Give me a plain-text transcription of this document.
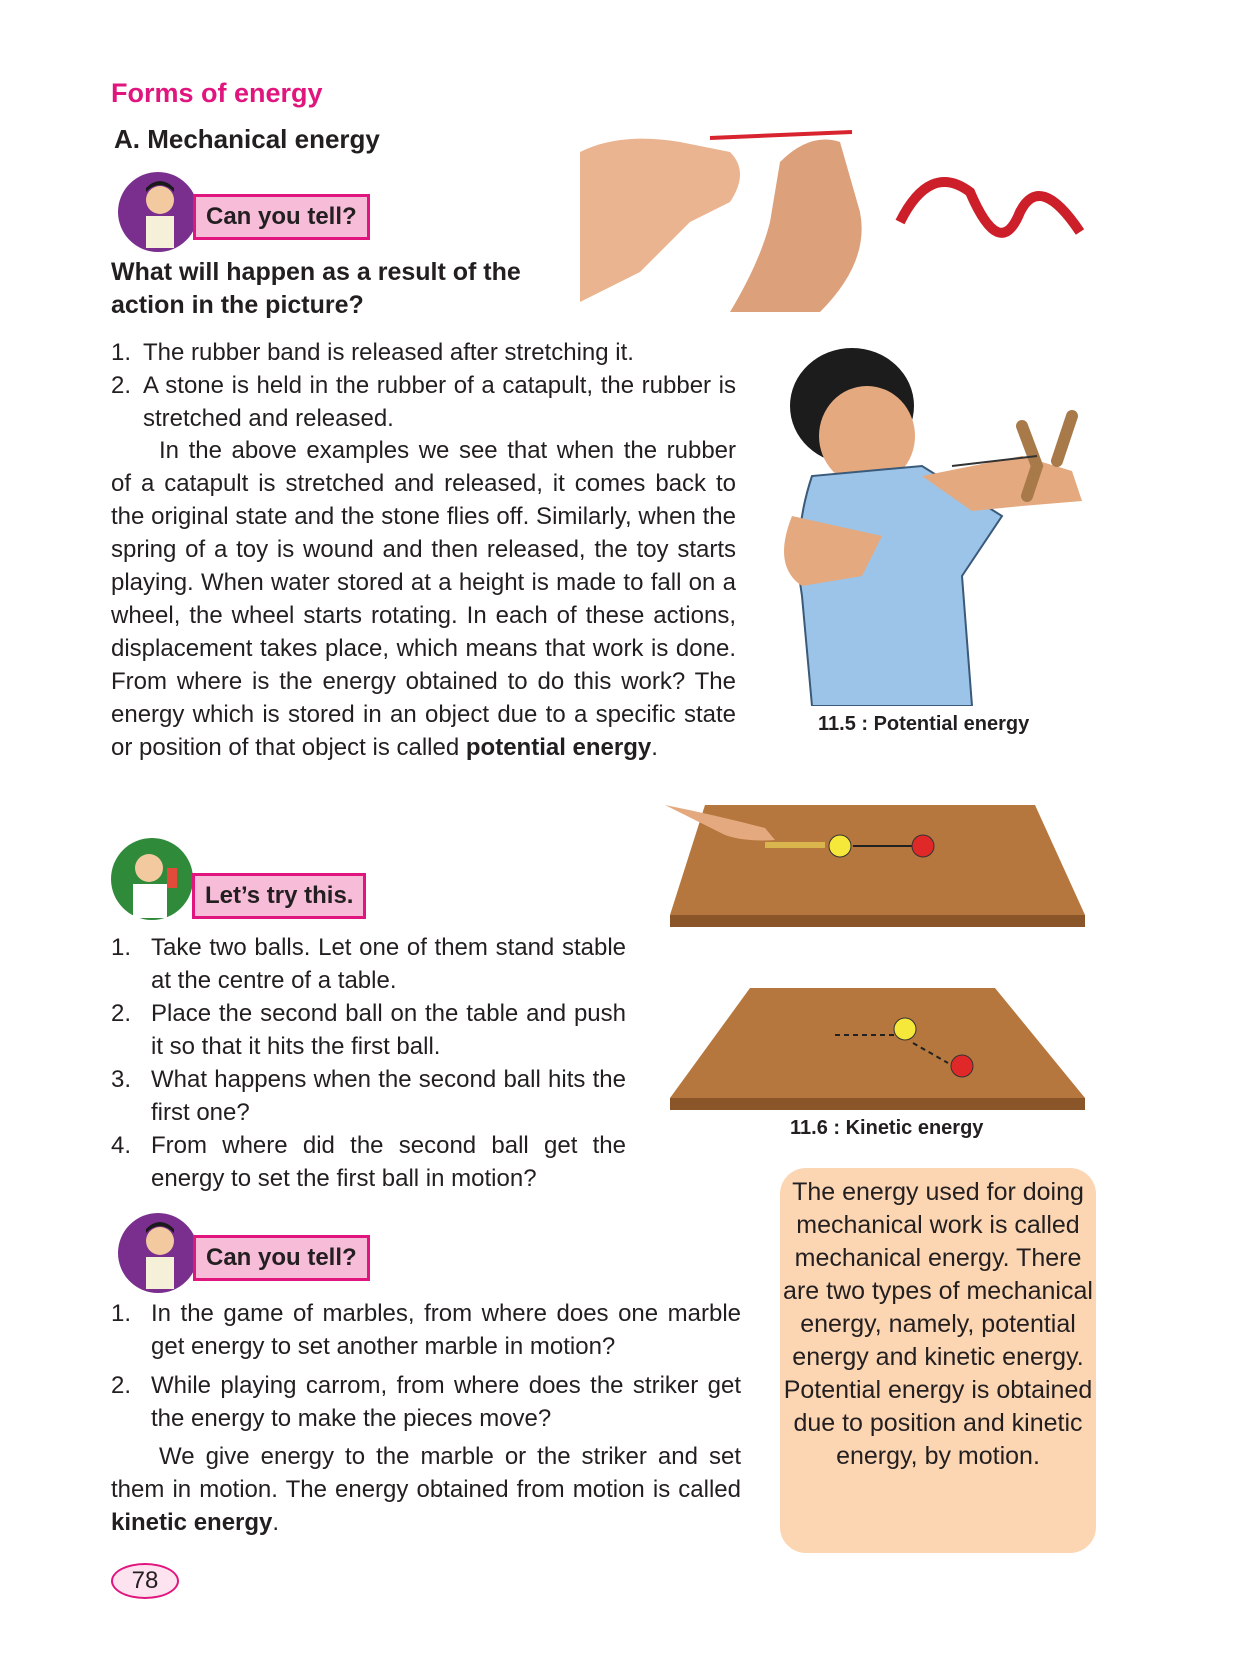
Forms of energy
A. Mechanical energy
Can you tell?
What will happen as a result of the action in the picture?
1. The rubber band is released after stretching it.
2. A stone is held in the rubber of a catapult, the rubber is stretched and released.

In the above examples we see that when the rubber of a catapult is stretched and released, it comes back to the original state and the stone flies off. Similarly, when the spring of a toy is wound and then released, the toy starts playing. When water stored at a height is made to fall on a wheel, the wheel starts rotating. In each of these actions, displacement takes place, which means that work is done. From where is the energy obtained to do this work? The energy which is stored in an object due to a specific state or position of that object is called potential energy.

11.5 : Potential energy
Let’s try this.
11.6 : Kinetic energy
1. Take two balls. Let one of them stand stable at the centre of a table.
2. Place the second ball on the table and push it so that it hits the first ball.
3. What happens when the second ball hits the first one?
4. From where did the second ball get the energy to set the first ball in motion?
Can you tell?
1. In the game of marbles, from where does one marble get energy to set another marble in motion?
2. While playing carrom, from where does the striker get the energy to make the pieces move?

We give energy to the marble or the striker and set them in motion. The energy obtained from motion is called kinetic energy.

The energy used for doing mechanical work is called mechanical energy. There are two types of mechanical energy, namely, potential energy and kinetic energy. Potential energy is obtained due to position and kinetic energy, by motion.
78
